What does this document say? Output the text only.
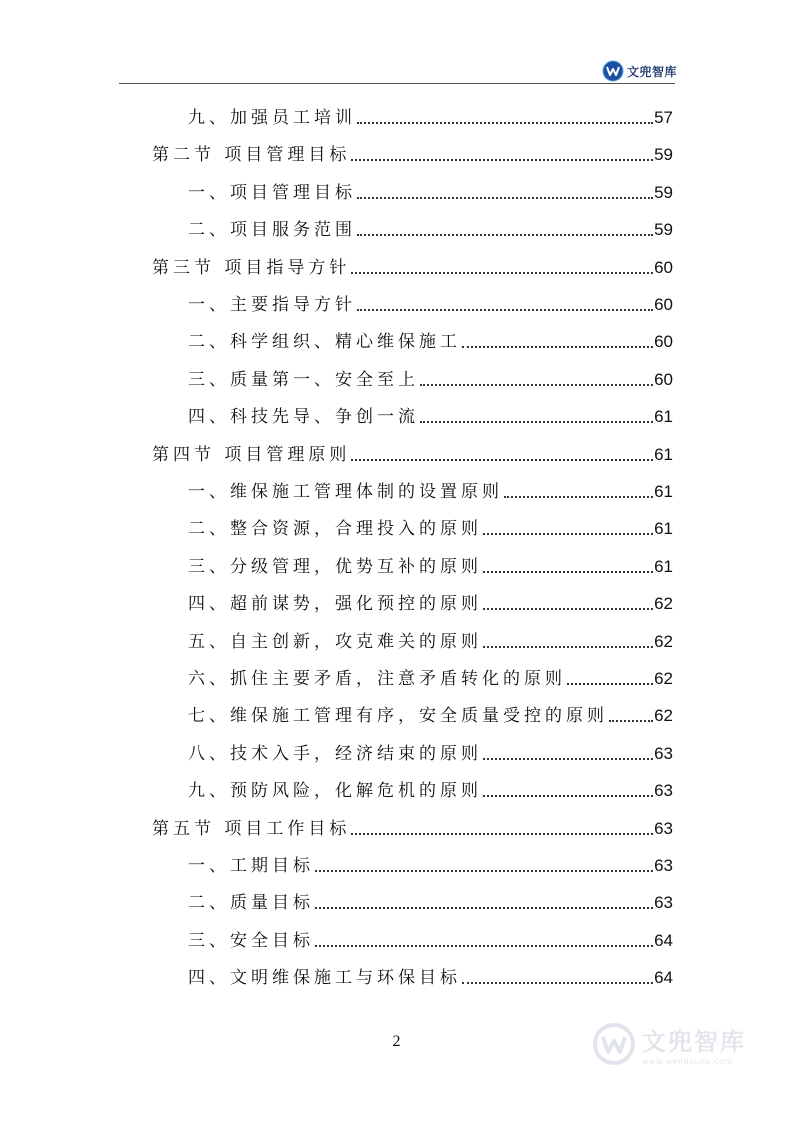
文兜智库
九、加强员工培训	57
第二节 项目管理目标	59
一、项目管理目标	59
二、项目服务范围	59
第三节 项目指导方针	60
一、主要指导方针	60
二、科学组织、精心维保施工	60
三、质量第一、安全至上	60
四、科技先导、争创一流	61
第四节 项目管理原则	61
一、维保施工管理体制的设置原则	61
二、整合资源，合理投入的原则	61
三、分级管理，优势互补的原则	61
四、超前谋势，强化预控的原则	62
五、自主创新，攻克难关的原则	62
六、抓住主要矛盾，注意矛盾转化的原则	62
七、维保施工管理有序，安全质量受控的原则	62
八、技术入手，经济结束的原则	63
九、预防风险，化解危机的原则	63
第五节 项目工作目标	63
一、工期目标	63
二、质量目标	63
三、安全目标	64
四、文明维保施工与环保目标	64
2	文兜智库
www.wendoulib.com
